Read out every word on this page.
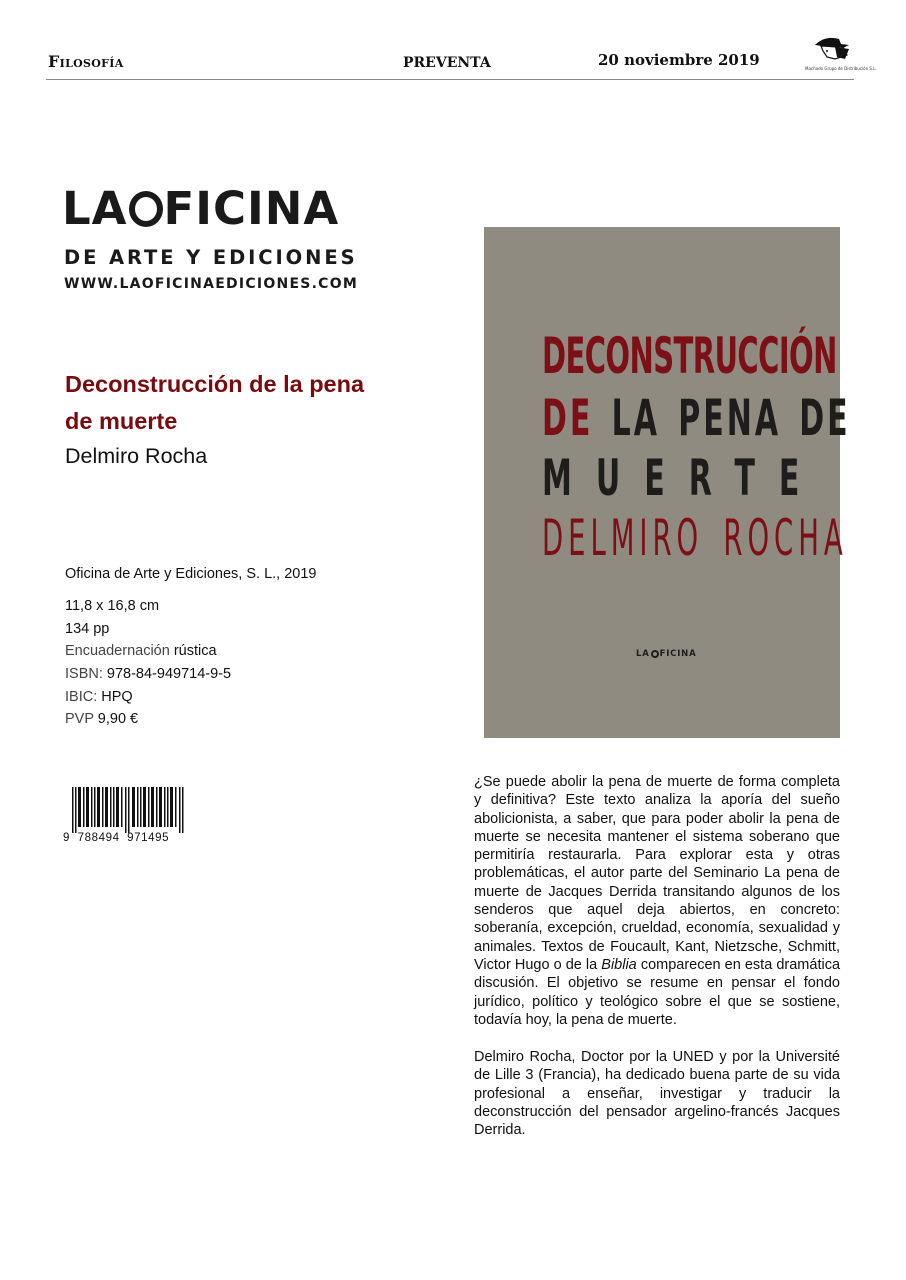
Filosofía	PREVENTA	20 noviembre 2019	Machado Grupo de Distribución S.L.
LA FICINA
DE ARTE Y EDICIONES
WWW.LAOFICINAEDICIONES.COM
Deconstrucción de la pena de muerte
Delmiro Rocha
Oficina de Arte y Ediciones, S. L., 2019
11,8 x 16,8 cm
134 pp
Encuadernación rústica
ISBN: 978-84-949714-9-5
IBIC: HPQ
PVP 9,90 €
9 788494 971495
DECONSTRUCCIÓN
DE LA PENA DE
MUERTE
DELMIRO ROCHA
LA FICINA
¿Se puede abolir la pena de muerte de forma completa y definitiva? Este texto analiza la aporía del sueño abolicionista, a saber, que para poder abolir la pena de muerte se necesita mantener el sistema soberano que permitiría restaurarla. Para explorar esta y otras problemáticas, el autor parte del Seminario La pena de muerte de Jacques Derrida transitando algunos de los senderos que aquel deja abiertos, en concreto: soberanía, excepción, crueldad, economía, sexualidad y animales. Textos de Foucault, Kant, Nietzsche, Schmitt, Victor Hugo o de la Biblia comparecen en esta dramática discusión. El objetivo se resume en pensar el fondo jurídico, político y teológico sobre el que se sostiene, todavía hoy, la pena de muerte.
Delmiro Rocha, Doctor por la UNED y por la Université de Lille 3 (Francia), ha dedicado buena parte de su vida profesional a enseñar, investigar y traducir la deconstrucción del pensador argelino-francés Jacques Derrida.
